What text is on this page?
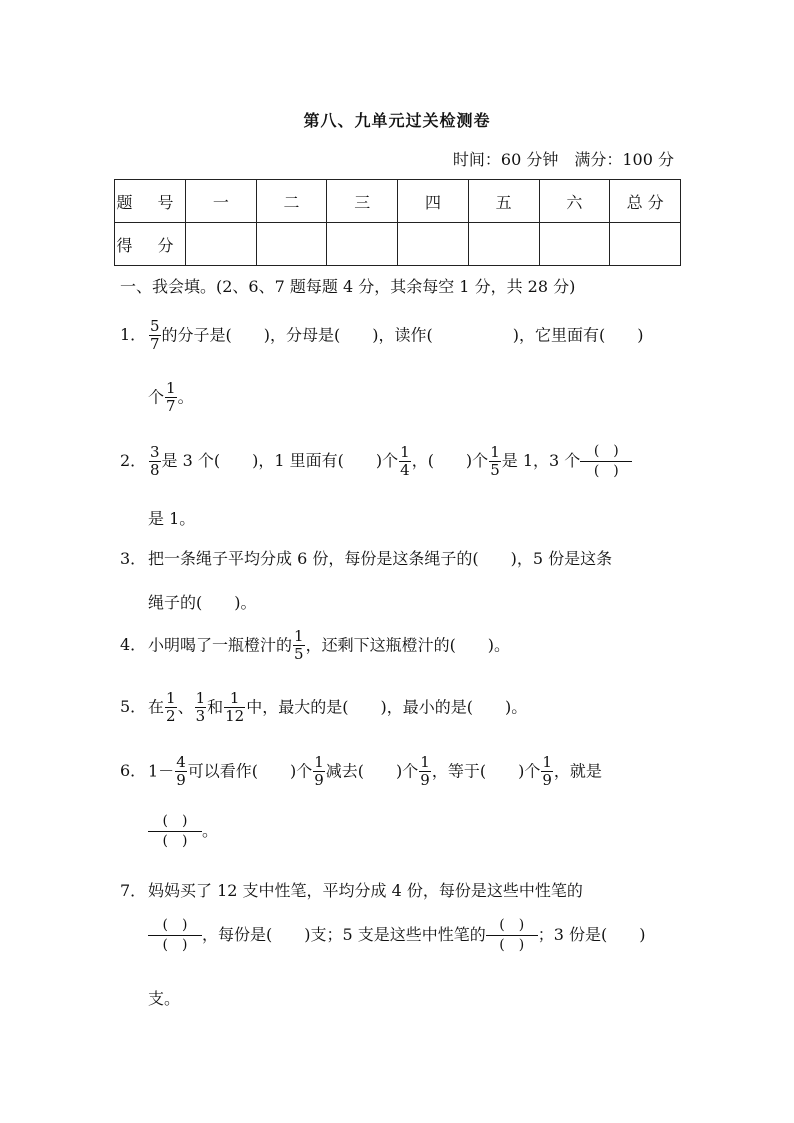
第八、九单元过关检测卷
时间：60 分钟　满分：100 分
题 号	一	二	三	四	五	六	总 分
得 分							
一、我会填。(2、6、7 题每题 4 分，其余每空 1 分，共 28 分)
1． $\frac{5}{7}$ 的分子是(　　)，分母是(　　)，读作(　　　　　)，它里面有(　　)
个 $\frac{1}{7}$ 。
2． $\frac{3}{8}$ 是 3 个(　　)，1 里面有(　　)个 $\frac{1}{4}$ ，(　　)个 $\frac{1}{5}$ 是 1，3 个 (　)
(　)
是 1。
3． 把一条绳子平均分成 6 份，每份是这条绳子的(　　)，5 份是这条
绳子的(　　)。
4． 小明喝了一瓶橙汁的 $\frac{1}{5}$ ，还剩下这瓶橙汁的(　　)。
5． 在 $\frac{1}{2}$ 、 $\frac{1}{3}$ 和 $\frac{1}{12}$ 中，最大的是(　　)，最小的是(　　)。
6． $1- \frac{4}{9}$ 可以看作(　　)个 $\frac{1}{9}$ 减去(　　)个 $\frac{1}{9}$ ，等于(　　)个 $\frac{1}{9}$ ，就是
(　)
(　)
。
7． 妈妈买了 12 支中性笔，平均分成 4 份，每份是这些中性笔的
(　)
(　)
，每份是(　　)支；5 支是这些中性笔的 (　)
(　)
；3 份是(　　)
支。
